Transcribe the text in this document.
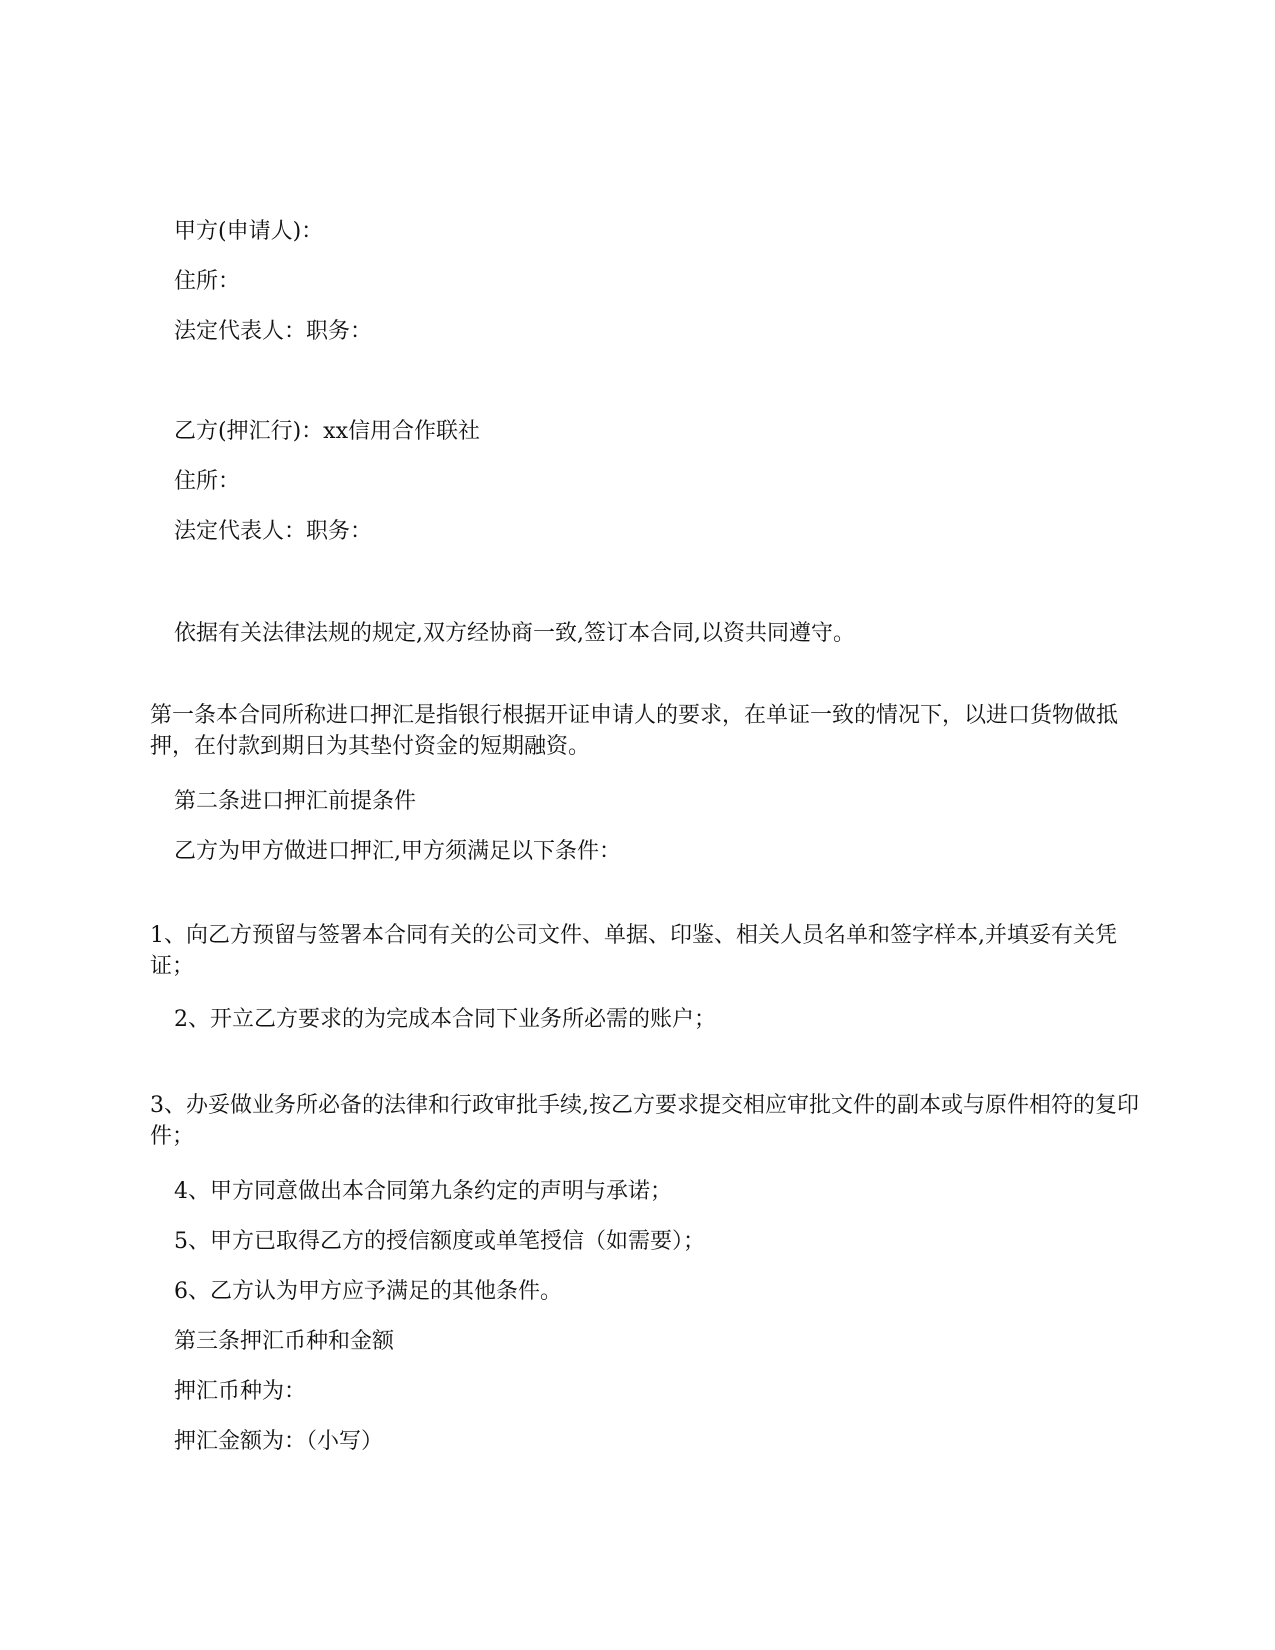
甲方(申请人)：
住所：
法定代表人：职务：
乙方(押汇行)：xx信用合作联社
住所：
法定代表人：职务：
依据有关法律法规的规定,双方经协商一致,签订本合同,以资共同遵守。
第一条本合同所称进口押汇是指银行根据开证申请人的要求，在单证一致的情况下，以进口货物做抵押，在付款到期日为其垫付资金的短期融资。
第二条进口押汇前提条件
乙方为甲方做进口押汇,甲方须满足以下条件：
1、向乙方预留与签署本合同有关的公司文件、单据、印鉴、相关人员名单和签字样本,并填妥有关凭证；
2、开立乙方要求的为完成本合同下业务所必需的账户；
3、办妥做业务所必备的法律和行政审批手续,按乙方要求提交相应审批文件的副本或与原件相符的复印件；
4、甲方同意做出本合同第九条约定的声明与承诺；
5、甲方已取得乙方的授信额度或单笔授信（如需要）；
6、乙方认为甲方应予满足的其他条件。
第三条押汇币种和金额
押汇币种为：
押汇金额为：（小写）
